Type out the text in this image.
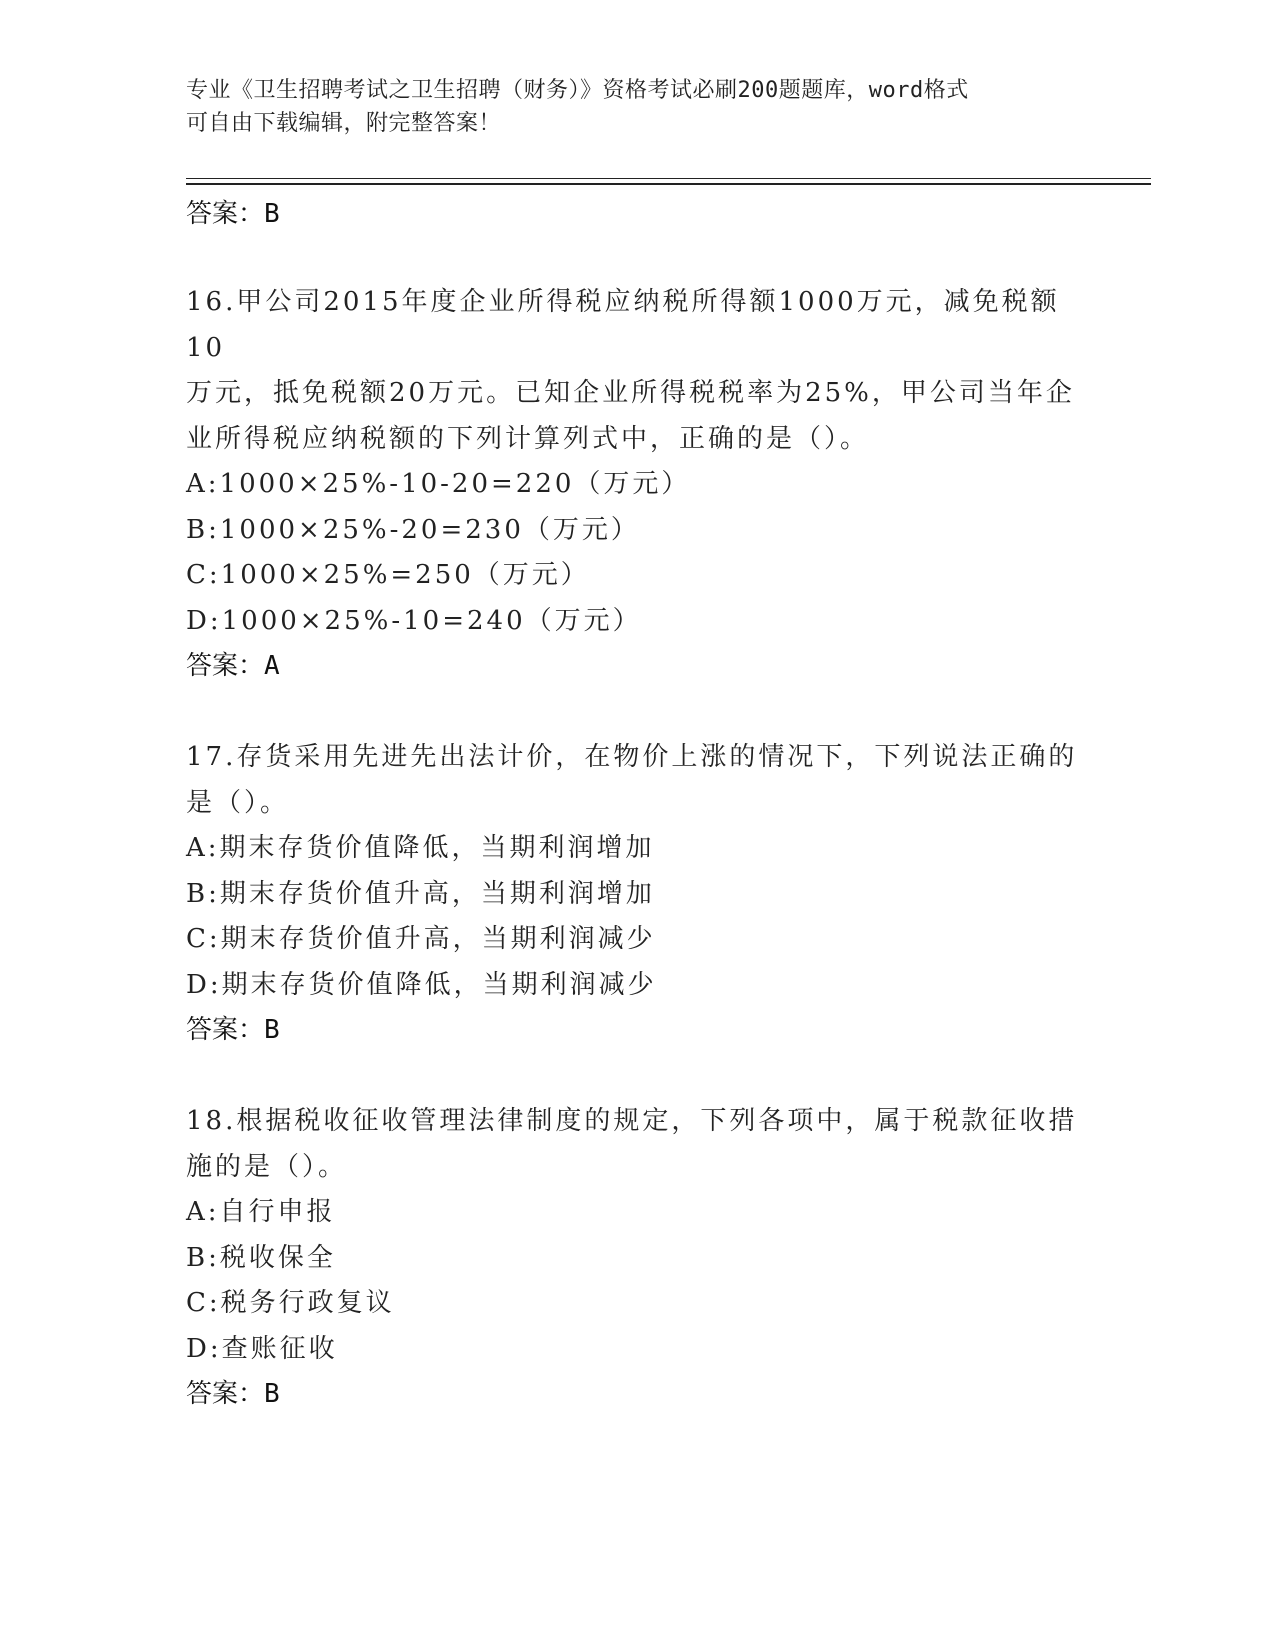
专业《卫生招聘考试之卫生招聘（财务）》资格考试必刷200题题库，word格式
可自由下载编辑，附完整答案！
答案：B
16.甲公司2015年度企业所得税应纳税所得额1000万元，减免税额10
万元，抵免税额20万元。已知企业所得税税率为25%，甲公司当年企
业所得税应纳税额的下列计算列式中，正确的是（）。
A:1000×25%-10-20=220（万元）
B:1000×25%-20=230（万元）
C:1000×25%=250（万元）
D:1000×25%-10=240（万元）
答案：A
17.存货采用先进先出法计价，在物价上涨的情况下，下列说法正确的
是（）。
A:期末存货价值降低，当期利润增加
B:期末存货价值升高，当期利润增加
C:期末存货价值升高，当期利润减少
D:期末存货价值降低，当期利润减少
答案：B
18.根据税收征收管理法律制度的规定，下列各项中，属于税款征收措
施的是（）。
A:自行申报
B:税收保全
C:税务行政复议
D:查账征收
答案：B
